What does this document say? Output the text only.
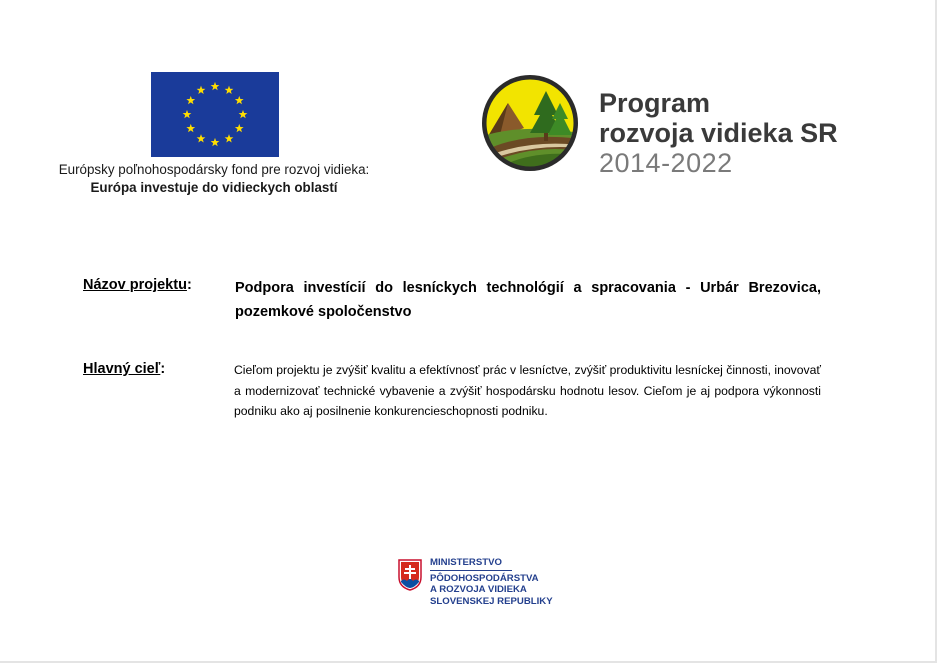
Európsky poľnohospodársky fond pre rozvoj vidieka:
Európa investuje do vidieckych oblastí
Program
rozvoja vidieka SR
2014-2022
Názov projektu:	Podpora investícií do lesníckych technológií a spracovania - Urbár Brezovica, pozemkové spoločenstvo
Hlavný cieľ:	Cieľom projektu je zvýšiť kvalitu a efektívnosť prác v lesníctve, zvýšiť produktivitu lesníckej činnosti, inovovať a modernizovať technické vybavenie a zvýšiť hospodársku hodnotu lesov. Cieľom je aj podpora výkonnosti podniku ako aj posilnenie konkurencieschopnosti podniku.
MINISTERSTVO
PÔDOHOSPODÁRSTVA
A ROZVOJA VIDIEKA
SLOVENSKEJ REPUBLIKY
